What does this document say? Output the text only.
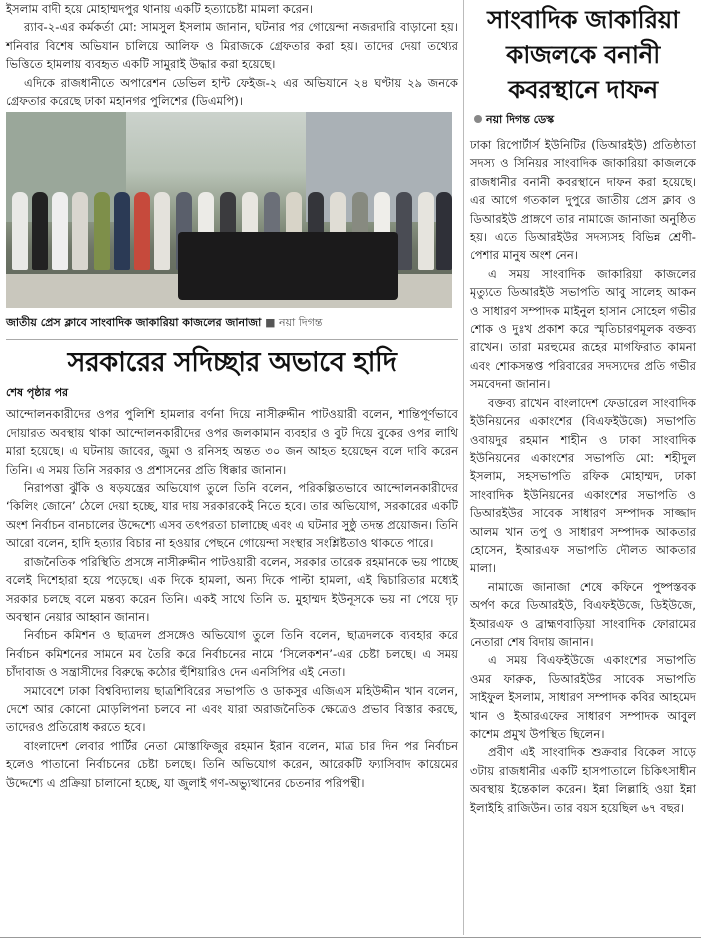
ইসলাম বাদী হয়ে মোহাম্মদপুর থানায় একটি হত্যাচেষ্টা মামলা করেন।

র‍্যাব-২-এর কর্মকর্তা মো: সামসুল ইসলাম জানান, ঘটনার পর গোয়েন্দা নজরদারি বাড়ানো হয়। শনিবার বিশেষ অভিযান চালিয়ে আলিফ ও মিরাজকে গ্রেফতার করা হয়। তাদের দেয়া তথ্যের ভিত্তিতে হামলায় ব্যবহৃত একটি সামুরাই উদ্ধার করা হয়েছে।

এদিকে রাজধানীতে অপারেশন ডেভিল হান্ট ফেইজ-২ এর অভিযানে ২৪ ঘণ্টায় ২৯ জনকে গ্রেফতার করেছে ঢাকা মহানগর পুলিশের (ডিএমপি)।

জাতীয় প্রেস ক্লাবে সাংবাদিক জাকারিয়া কাজলের জানাজা ■ নয়া দিগন্ত
সরকারের সদিচ্ছার অভাবে হাদি
শেষ পৃষ্ঠার পর

আন্দোলনকারীদের ওপর পুলিশি হামলার বর্ণনা দিয়ে নাসীরুদ্দীন পাটওয়ারী বলেন, শান্তিপূর্ণভাবে দোয়ারত অবস্থায় থাকা আন্দোলনকারীদের ওপর জলকামান ব্যবহার ও বুট দিয়ে বুকের ওপর লাথি মারা হয়েছে। এ ঘটনায় জাবের, জুমা ও রনিসহ অন্তত ৩০ জন আহত হয়েছেন বলে দাবি করেন তিনি। এ সময় তিনি সরকার ও প্রশাসনের প্রতি ধিক্কার জানান।

নিরাপত্তা ঝুঁকি ও ষড়যন্ত্রের অভিযোগ তুলে তিনি বলেন, পরিকল্পিতভাবে আন্দোলনকারীদের ‘কিলিং জোনে’ ঠেলে দেয়া হচ্ছে, যার দায় সরকারকেই নিতে হবে। তার অভিযোগ, সরকারের একটি অংশ নির্বাচন বানচালের উদ্দেশ্যে এসব তৎপরতা চালাচ্ছে এবং এ ঘটনার সুষ্ঠু তদন্ত প্রয়োজন। তিনি আরো বলেন, হাদি হত্যার বিচার না হওয়ার পেছনে গোয়েন্দা সংস্থার সংশ্লিষ্টতাও থাকতে পারে।

রাজনৈতিক পরিস্থিতি প্রসঙ্গে নাসীরুদ্দীন পাটওয়ারী বলেন, সরকার তারেক রহমানকে ভয় পাচ্ছে বলেই দিশেহারা হয়ে পড়েছে। এক দিকে হামলা, অন্য দিকে পাল্টা হামলা, এই দ্বিচারিতার মধ্যেই সরকার চলছে বলে মন্তব্য করেন তিনি। একই সাথে তিনি ড. মুহাম্মদ ইউনূসকে ভয় না পেয়ে দৃঢ় অবস্থান নেয়ার আহ্বান জানান।

নির্বাচন কমিশন ও ছাত্রদল প্রসঙ্গেও অভিযোগ তুলে তিনি বলেন, ছাত্রদলকে ব্যবহার করে নির্বাচন কমিশনের সামনে মব তৈরি করে নির্বাচনের নামে ‘সিলেকশন’-এর চেষ্টা চলছে। এ সময় চাঁদাবাজ ও সন্ত্রাসীদের বিরুদ্ধে কঠোর হুঁশিয়ারিও দেন এনসিপির এই নেতা।

সমাবেশে ঢাকা বিশ্ববিদ্যালয় ছাত্রশিবিরের সভাপতি ও ডাকসুর এজিএস মহিউদ্দীন খান বলেন, দেশে আর কোনো মোড়লিপনা চলবে না এবং যারা অরাজনৈতিক ক্ষেত্রেও প্রভাব বিস্তার করছে, তাদেরও প্রতিরোধ করতে হবে।

বাংলাদেশ লেবার পার্টির নেতা মোস্তাফিজুর রহমান ইরান বলেন, মাত্র চার দিন পর নির্বাচন হলেও পাতানো নির্বাচনের চেষ্টা চলছে। তিনি অভিযোগ করেন, আরেকটি ফ্যাসিবাদ কায়েমের উদ্দেশ্যে এ প্রক্রিয়া চালানো হচ্ছে, যা জুলাই গণ-অভ্যুত্থানের চেতনার পরিপন্থী।

সাংবাদিক জাকারিয়া কাজলকে বনানী কবরস্থানে দাফন
নয়া দিগন্ত ডেস্ক

ঢাকা রিপোর্টার্স ইউনিটির (ডিআরইউ) প্রতিষ্ঠাতা সদস্য ও সিনিয়র সাংবাদিক জাকারিয়া কাজলকে রাজধানীর বনানী কবরস্থানে দাফন করা হয়েছে। এর আগে গতকাল দুপুরে জাতীয় প্রেস ক্লাব ও ডিআরইউ প্রাঙ্গণে তার নামাজে জানাজা অনুষ্ঠিত হয়। এতে ডিআরইউর সদস্যসহ বিভিন্ন শ্রেণী-পেশার মানুষ অংশ নেন।

এ সময় সাংবাদিক জাকারিয়া কাজলের মৃত্যুতে ডিআরইউ সভাপতি আবু সালেহ আকন ও সাধারণ সম্পাদক মাইনুল হাসান সোহেল গভীর শোক ও দুঃখ প্রকাশ করে স্মৃতিচারণমূলক বক্তব্য রাখেন। তারা মরহুমের রূহের মাগফিরাত কামনা এবং শোকসন্তপ্ত পরিবারের সদস্যদের প্রতি গভীর সমবেদনা জানান।

বক্তব্য রাখেন বাংলাদেশ ফেডারেল সাংবাদিক ইউনিয়নের একাংশের (বিএফইউজে) সভাপতি ওবায়দুর রহমান শাহীন ও ঢাকা সাংবাদিক ইউনিয়নের একাংশের সভাপতি মো: শহীদুল ইসলাম, সহসভাপতি রফিক মোহাম্মদ, ঢাকা সাংবাদিক ইউনিয়নের একাংশের সভাপতি ও ডিআরইউর সাবেক সাধারণ সম্পাদক সাজ্জাদ আলম খান তপু ও সাধারণ সম্পাদক আকতার হোসেন, ইআরএফ সভাপতি দৌলত আকতার মালা।

নামাজে জানাজা শেষে কফিনে পুষ্পস্তবক অর্পণ করে ডিআরইউ, বিএফইউজে, ডিইউজে, ইআরএফ ও ব্রাহ্মণবাড়িয়া সাংবাদিক ফোরামের নেতারা শেষ বিদায় জানান।

এ সময় বিএফইউজে একাংশের সভাপতি ওমর ফারুক, ডিআরইউর সাবেক সভাপতি সাইফুল ইসলাম, সাধারণ সম্পাদক কবির আহমেদ খান ও ইআরএফের সাধারণ সম্পাদক আবুল কাশেম প্রমুখ উপস্থিত ছিলেন।

প্রবীণ এই সাংবাদিক শুক্রবার বিকেল সাড়ে ৩টায় রাজধানীর একটি হাসপাতালে চিকিৎসাধীন অবস্থায় ইন্তেকাল করেন। ইন্না লিল্লাহি ওয়া ইন্না ইলাইহি রাজিউন। তার বয়স হয়েছিল ৬৭ বছর।
